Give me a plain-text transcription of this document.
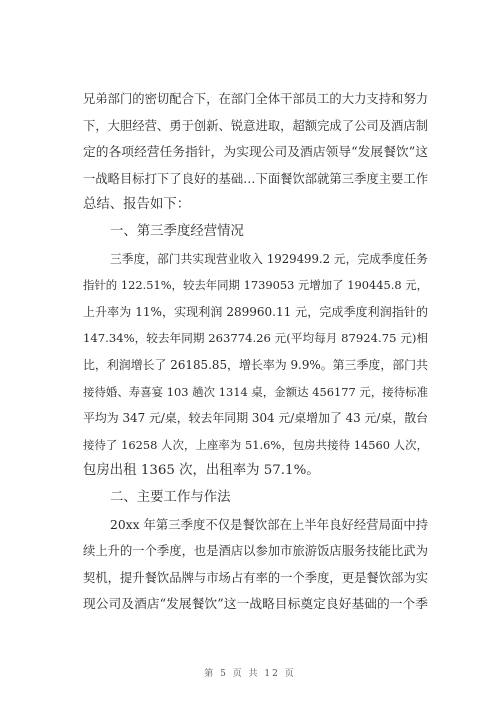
兄弟部门的密切配合下，在部门全体干部员工的大力支持和努力
下，大胆经营、勇于创新、锐意进取，超额完成了公司及酒店制
定的各项经营任务指针，为实现公司及酒店领导“发展餐饮”这
一战略目标打下了良好的基础…下面餐饮部就第三季度主要工作
总结、报告如下：
一、第三季度经营情况
三季度，部门共实现营业收入 1929499.2 元，完成季度任务
指针的 122.51%，较去年同期 1739053 元增加了 190445.8 元，
上升率为 11%，实现利润 289960.11 元，完成季度利润指针的
147.34%，较去年同期 263774.26 元(平均每月 87924.75 元)相
比，利润增长了 26185.85，增长率为 9.9%。第三季度，部门共
接待婚、寿喜宴 103 趟次 1314 桌，金额达 456177 元，接待标准
平均为 347 元/桌，较去年同期 304 元/桌增加了 43 元/桌，散台
接待了 16258 人次，上座率为 51.6%，包房共接待 14560 人次，
包房出租 1365 次，出租率为 57.1%。
二、主要工作与作法
20xx 年第三季度不仅是餐饮部在上半年良好经营局面中持
续上升的一个季度，也是酒店以参加市旅游饭店服务技能比武为
契机，提升餐饮品牌与市场占有率的一个季度，更是餐饮部为实
现公司及酒店“发展餐饮”这一战略目标奠定良好基础的一个季
第 5 页 共 12 页
